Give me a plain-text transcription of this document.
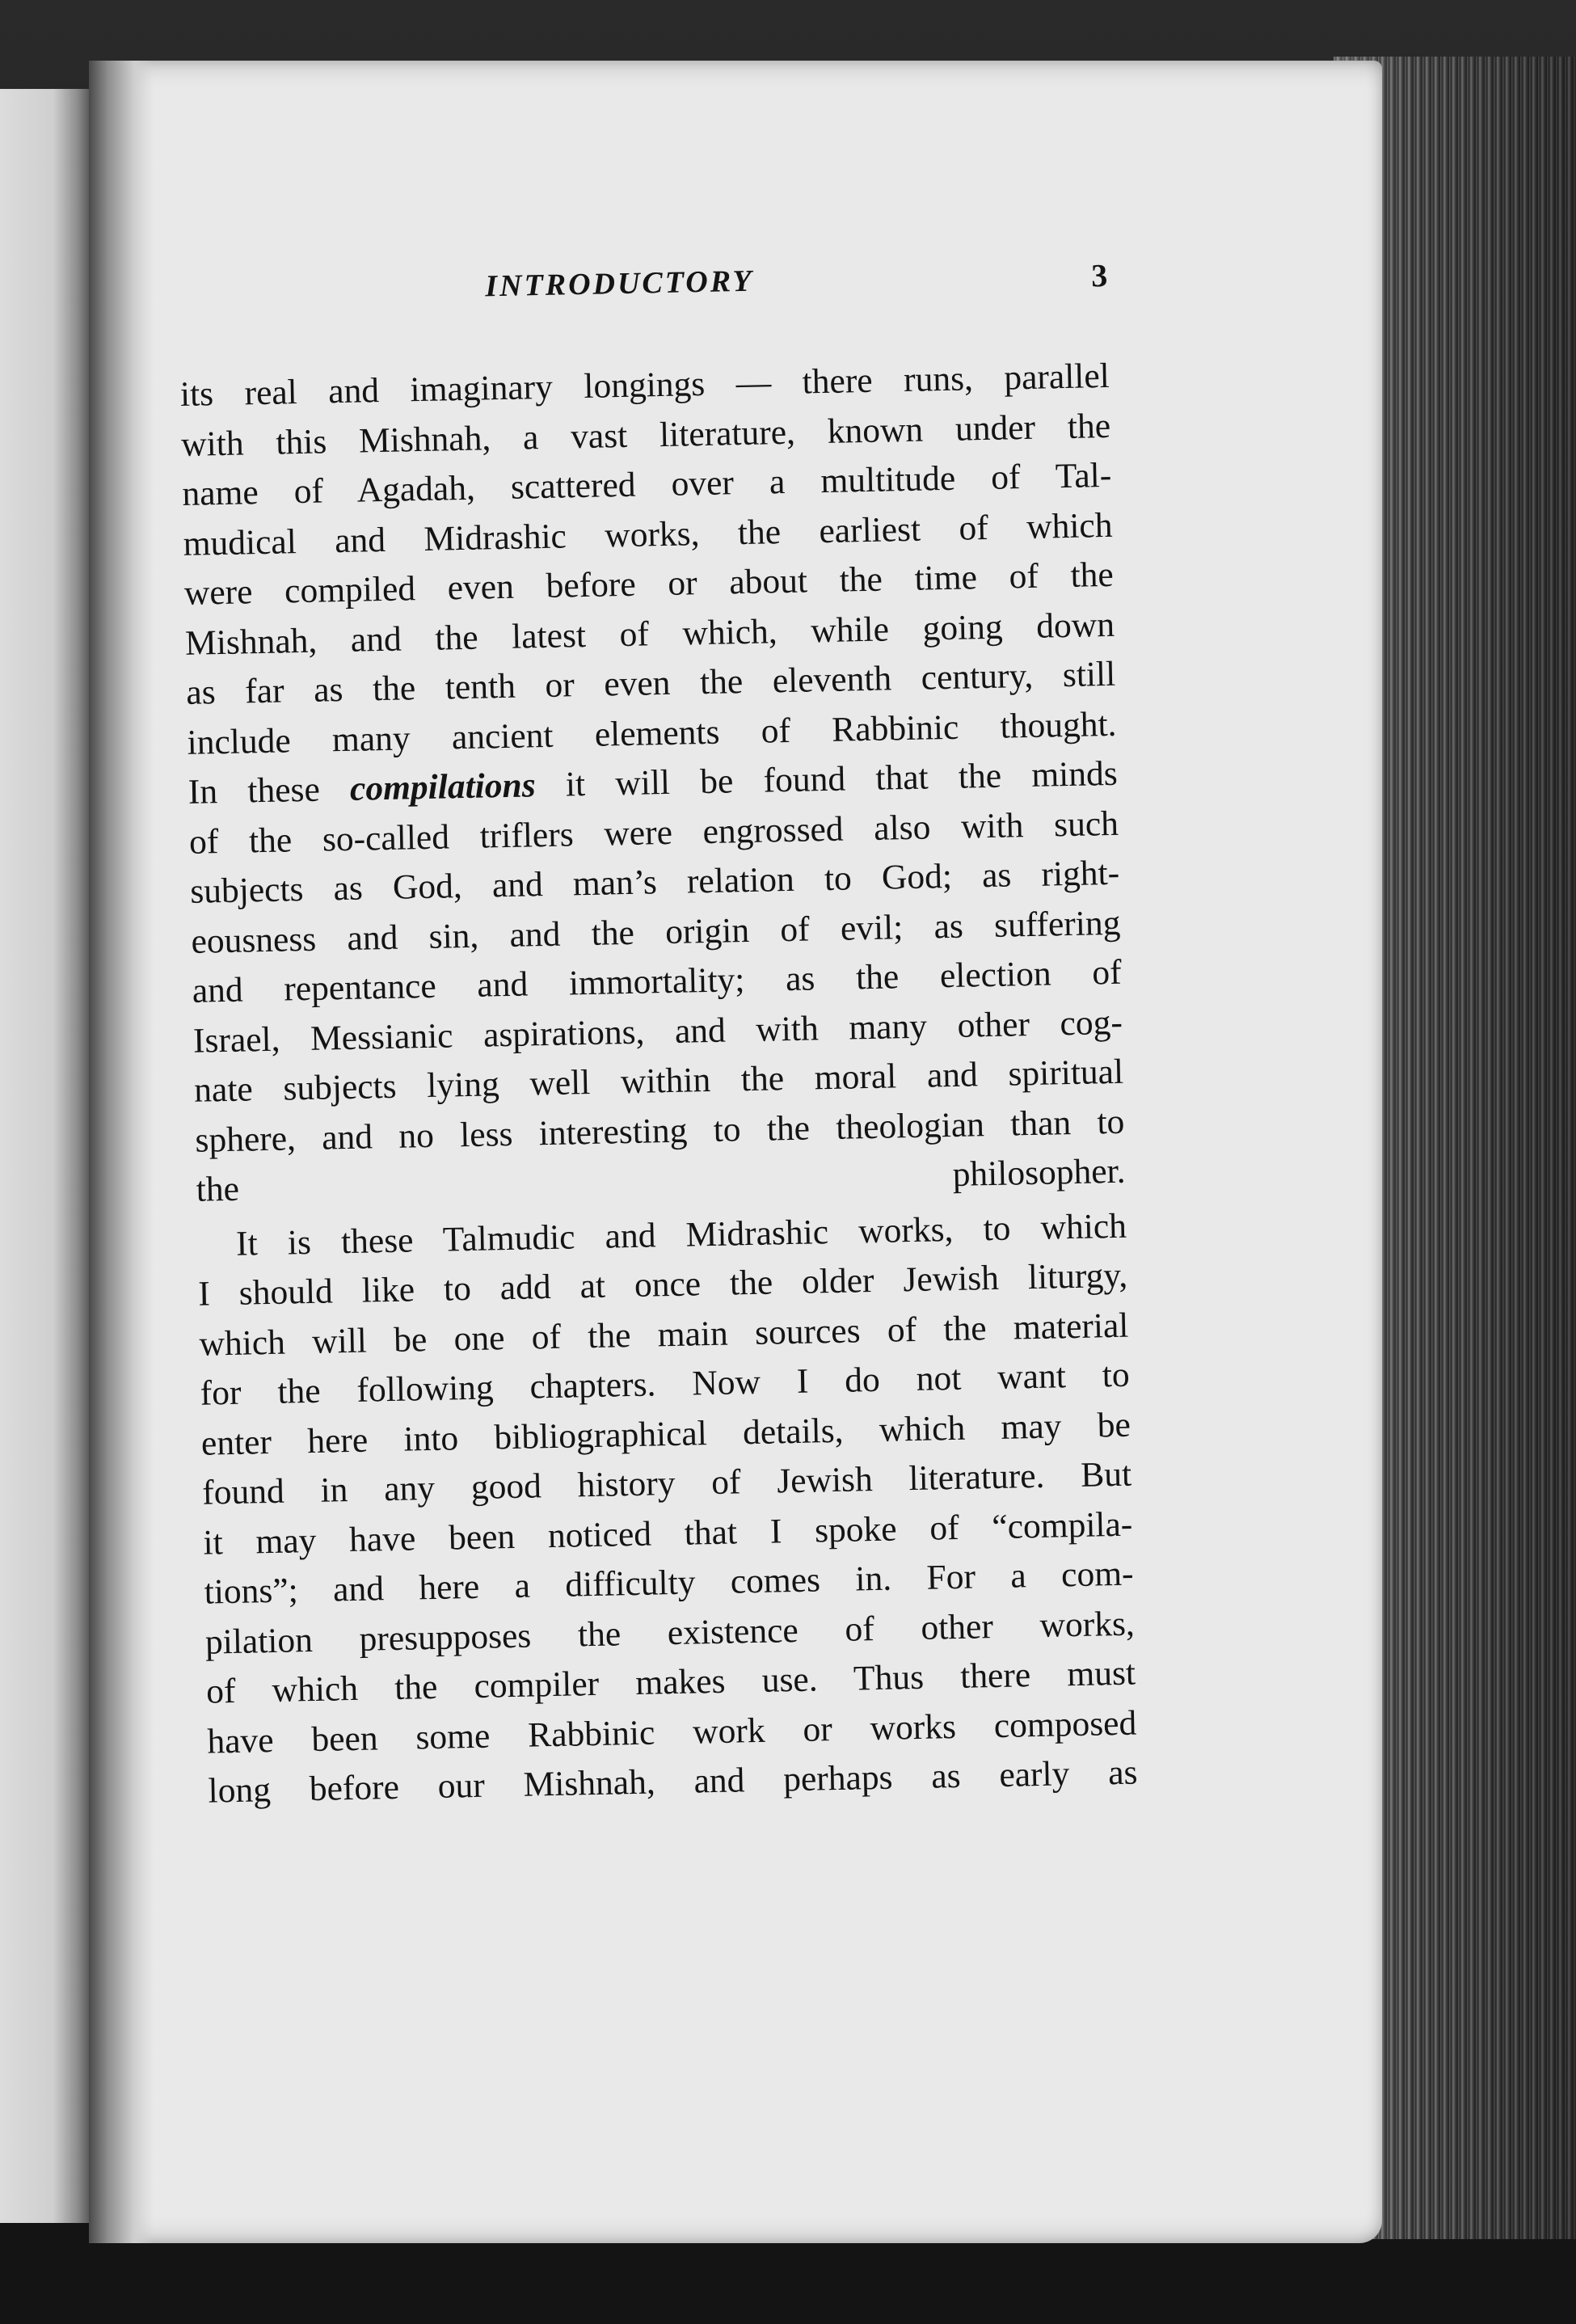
INTRODUCTORY	3

its real and imaginary longings — there runs, parallel
with this Mishnah, a vast literature, known under the
name of Agadah, scattered over a multitude of Tal-
mudical and Midrashic works, the earliest of which
were compiled even before or about the time of the
Mishnah, and the latest of which, while going down
as far as the tenth or even the eleventh century, still
include many ancient elements of Rabbinic thought.
In these compilations it will be found that the minds
of the so-called triflers were engrossed also with such
subjects as God, and man’s relation to God; as right-
eousness and sin, and the origin of evil; as suffering
and repentance and immortality; as the election of
Israel, Messianic aspirations, and with many other cog-
nate subjects lying well within the moral and spiritual
sphere, and no less interesting to the theologian than to
the philosopher.

It is these Talmudic and Midrashic works, to which
I should like to add at once the older Jewish liturgy,
which will be one of the main sources of the material
for the following chapters. Now I do not want to
enter here into bibliographical details, which may be
found in any good history of Jewish literature. But
it may have been noticed that I spoke of “compila-
tions”; and here a difficulty comes in. For a com-
pilation presupposes the existence of other works,
of which the compiler makes use. Thus there must
have been some Rabbinic work or works composed
long before our Mishnah, and perhaps as early as
